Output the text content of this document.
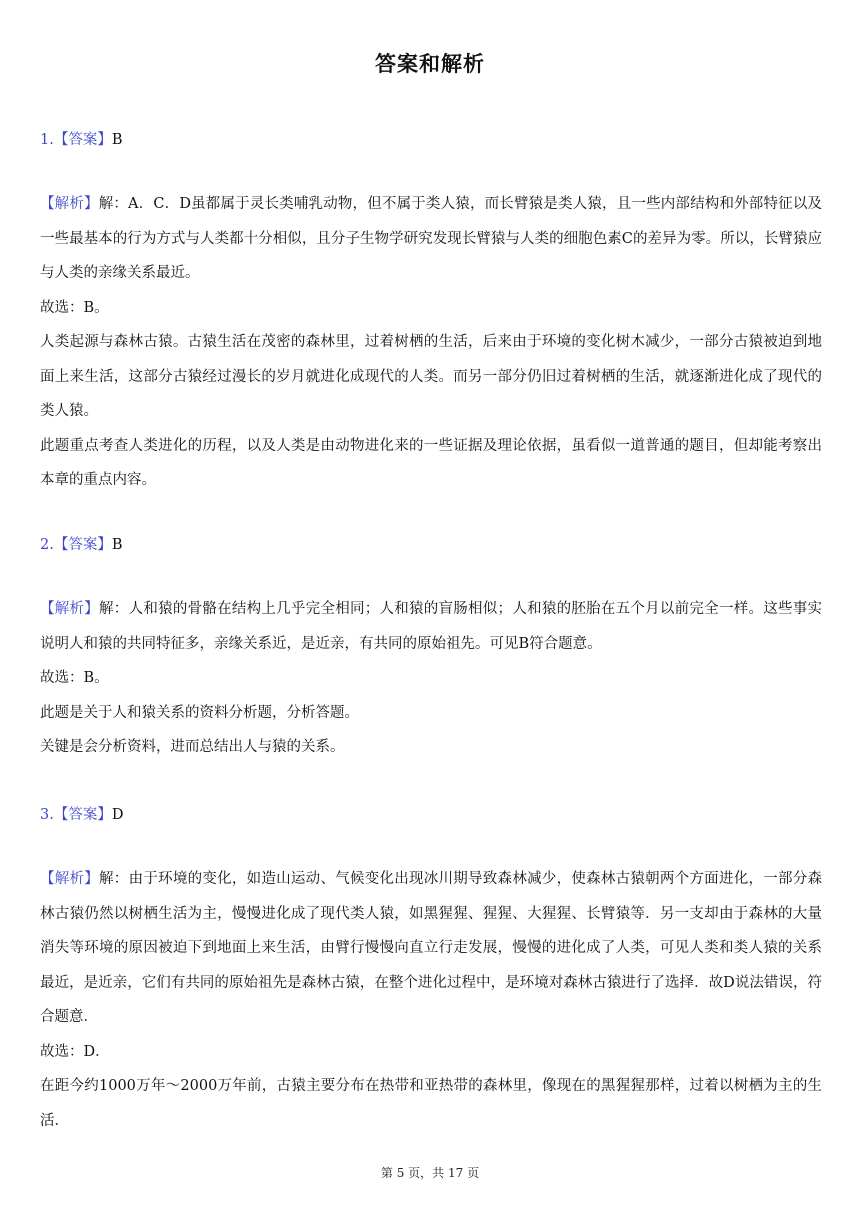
答案和解析
1.【答案】B

【解析】解：A．C．D虽都属于灵长类哺乳动物，但不属于类人猿，而长臂猿是类人猿，且一些内部结构和外部特征以及一些最基本的行为方式与人类都十分相似，且分子生物学研究发现长臂猿与人类的细胞色素C的差异为零。所以，长臂猿应与人类的亲缘关系最近。

故选：B。

人类起源与森林古猿。古猿生活在茂密的森林里，过着树栖的生活，后来由于环境的变化树木减少，一部分古猿被迫到地面上来生活，这部分古猿经过漫长的岁月就进化成现代的人类。而另一部分仍旧过着树栖的生活，就逐渐进化成了现代的类人猿。

此题重点考查人类进化的历程，以及人类是由动物进化来的一些证据及理论依据，虽看似一道普通的题目，但却能考察出本章的重点内容。

2.【答案】B

【解析】解：人和猿的骨骼在结构上几乎完全相同；人和猿的盲肠相似；人和猿的胚胎在五个月以前完全一样。这些事实说明人和猿的共同特征多，亲缘关系近，是近亲，有共同的原始祖先。可见B符合题意。

故选：B。

此题是关于人和猿关系的资料分析题，分析答题。

关键是会分析资料，进而总结出人与猿的关系。

3.【答案】D

【解析】解：由于环境的变化，如造山运动、气候变化出现冰川期导致森林减少，使森林古猿朝两个方面进化，一部分森林古猿仍然以树栖生活为主，慢慢进化成了现代类人猿，如黑猩猩、猩猩、大猩猩、长臂猿等．另一支却由于森林的大量消失等环境的原因被迫下到地面上来生活，由臂行慢慢向直立行走发展，慢慢的进化成了人类，可见人类和类人猿的关系最近，是近亲，它们有共同的原始祖先是森林古猿，在整个进化过程中，是环境对森林古猿进行了选择．故D说法错误，符合题意．

故选：D．

在距今约1000万年～2000万年前，古猿主要分布在热带和亚热带的森林里，像现在的黑猩猩那样，过着以树栖为主的生活．

第 5 页，共 17 页
